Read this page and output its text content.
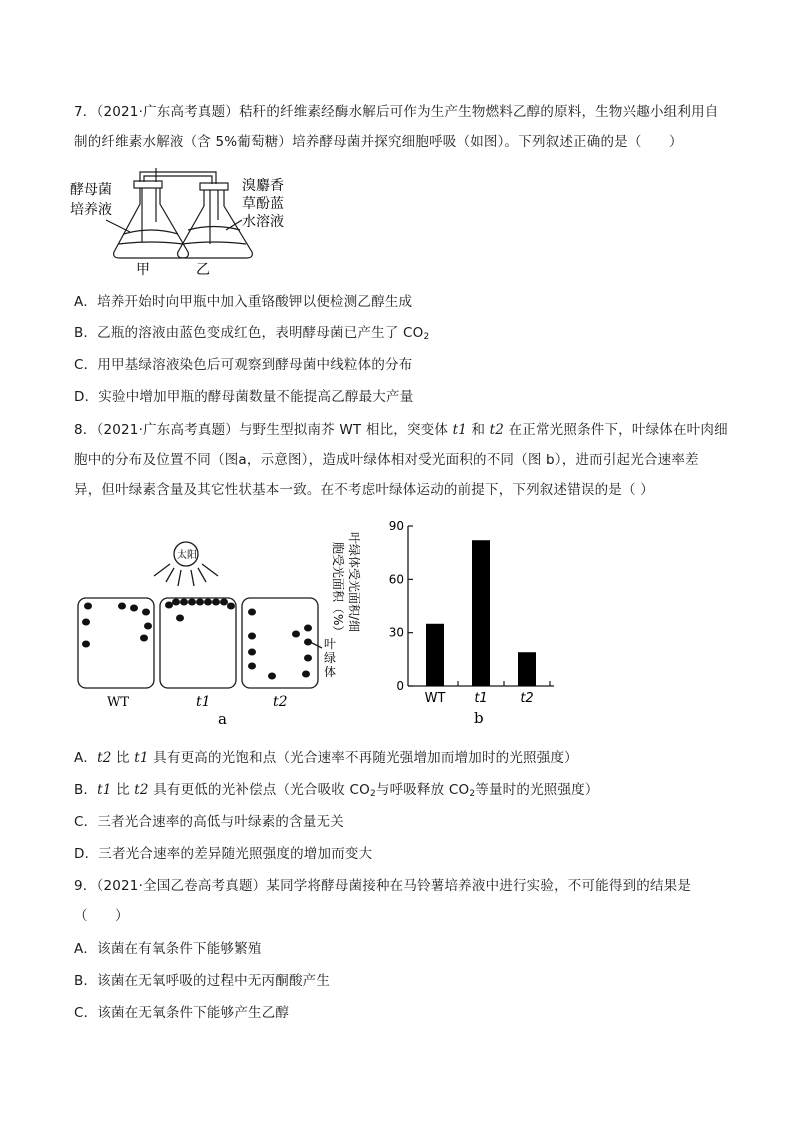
7．（2021·广东高考真题）秸秆的纤维素经酶水解后可作为生产生物燃料乙醇的原料，生物兴趣小组利用自
制的纤维素水解液（含 5%葡萄糖）培养酵母菌并探究细胞呼吸（如图）。下列叙述正确的是（　　）
酵母菌
培养液
溴麝香
草酚蓝
水溶液
甲	乙
A．培养开始时向甲瓶中加入重铬酸钾以便检测乙醇生成
B．乙瓶的溶液由蓝色变成红色，表明酵母菌已产生了 $CO_2$
C．用甲基绿溶液染色后可观察到酵母菌中线粒体的分布
D．实验中增加甲瓶的酵母菌数量不能提高乙醇最大产量
8．（2021·广东高考真题）与野生型拟南芥 WT 相比，突变体 t1 和 t2 在正常光照条件下，叶绿体在叶肉细
胞中的分布及位置不同（图a，示意图），造成叶绿体相对受光面积的不同（图 b），进而引起光合速率差
异，但叶绿素含量及其它性状基本一致。在不考虑叶绿体运动的前提下，下列叙述错误的是（ ）
太阳
叶
绿
体
WT	t1	t2
a
叶绿体受光面积/细
胞受光面积（%）
90
60
30
0
WT t1	t2
b
A．t2 比 t1 具有更高的光饱和点（光合速率不再随光强增加而增加时的光照强度）
B．t1 比 t2 具有更低的光补偿点（光合吸收 $CO_2$与呼吸释放 $CO_2$等量时的光照强度）
C．三者光合速率的高低与叶绿素的含量无关
D．三者光合速率的差异随光照强度的增加而变大
9．（2021·全国乙卷高考真题）某同学将酵母菌接种在马铃薯培养液中进行实验，不可能得到的结果是
（　　）
A．该菌在有氧条件下能够繁殖
B．该菌在无氧呼吸的过程中无丙酮酸产生
C．该菌在无氧条件下能够产生乙醇
